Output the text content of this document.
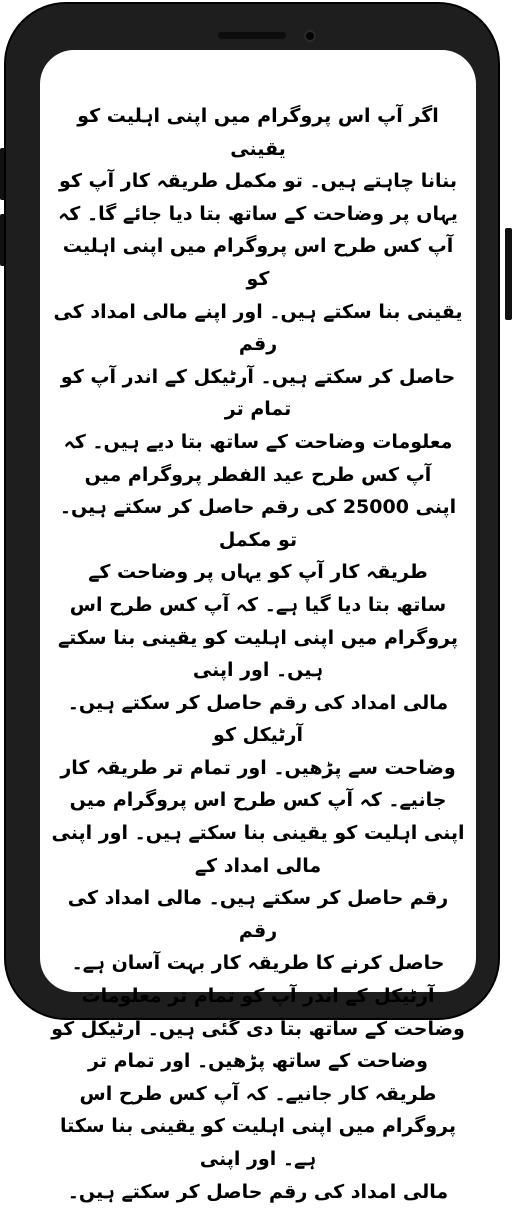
اگر آپ اس پروگرام میں اپنی اہلیت کو یقینی
بنانا چاہتے ہیں۔ تو مکمل طریقہ کار آپ کو
یہاں پر وضاحت کے ساتھ بتا دیا جائے گا۔ کہ
آپ کس طرح اس پروگرام میں اپنی اہلیت کو
یقینی بنا سکتے ہیں۔ اور اپنے مالی امداد کی رقم
حاصل کر سکتے ہیں۔ آرٹیکل کے اندر آپ کو تمام تر
معلومات وضاحت کے ساتھ بتا دیے ہیں۔ کہ
آپ کس طرح عید الفطر پروگرام میں
اپنی 25000 کی رقم حاصل کر سکتے ہیں۔ تو مکمل
طریقہ کار آپ کو یہاں پر وضاحت کے
ساتھ بتا دیا گیا ہے۔ کہ آپ کس طرح اس
پروگرام میں اپنی اہلیت کو یقینی بنا سکتے ہیں۔ اور اپنی
مالی امداد کی رقم حاصل کر سکتے ہیں۔ آرٹیکل کو
وضاحت سے پڑھیں۔ اور تمام تر طریقہ کار
جانیے۔ کہ آپ کس طرح اس پروگرام میں
اپنی اہلیت کو یقینی بنا سکتے ہیں۔ اور اپنی مالی امداد کے
رقم حاصل کر سکتے ہیں۔ مالی امداد کی رقم
حاصل کرنے کا طریقہ کار بہت آسان ہے۔
آرٹیکل کے اندر آپ کو تمام تر معلومات
وضاحت کے ساتھ بتا دی گئی ہیں۔ آرٹیکل کو
وضاحت کے ساتھ پڑھیں۔ اور تمام تر
طریقہ کار جانیے۔ کہ آپ کس طرح اس
پروگرام میں اپنی اہلیت کو یقینی بنا سکتا ہے۔ اور اپنی
مالی امداد کی رقم حاصل کر سکتے ہیں۔
